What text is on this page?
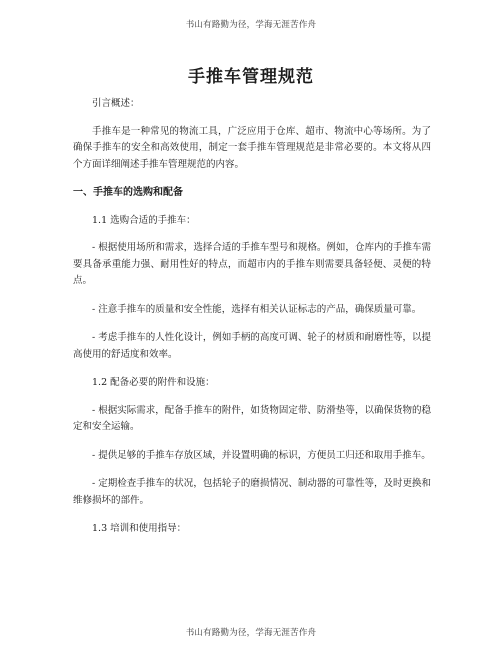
书山有路勤为径，学海无涯苦作舟
手推车管理规范

引言概述：

手推车是一种常见的物流工具，广泛应用于仓库、超市、物流中心等场所。为了确保手推车的安全和高效使用，制定一套手推车管理规范是非常必要的。本文将从四个方面详细阐述手推车管理规范的内容。

一、手推车的选购和配备

1.1 选购合适的手推车：

- 根据使用场所和需求，选择合适的手推车型号和规格。例如，仓库内的手推车需要具备承重能力强、耐用性好的特点，而超市内的手推车则需要具备轻便、灵便的特点。

- 注意手推车的质量和安全性能，选择有相关认证标志的产品，确保质量可靠。

- 考虑手推车的人性化设计，例如手柄的高度可调、轮子的材质和耐磨性等，以提高使用的舒适度和效率。

1.2 配备必要的附件和设施：

- 根据实际需求，配备手推车的附件，如货物固定带、防滑垫等，以确保货物的稳定和安全运输。

- 提供足够的手推车存放区域，并设置明确的标识，方便员工归还和取用手推车。

- 定期检查手推车的状况，包括轮子的磨损情况、制动器的可靠性等，及时更换和维修损坏的部件。

1.3 培训和使用指导：

书山有路勤为径，学海无涯苦作舟
